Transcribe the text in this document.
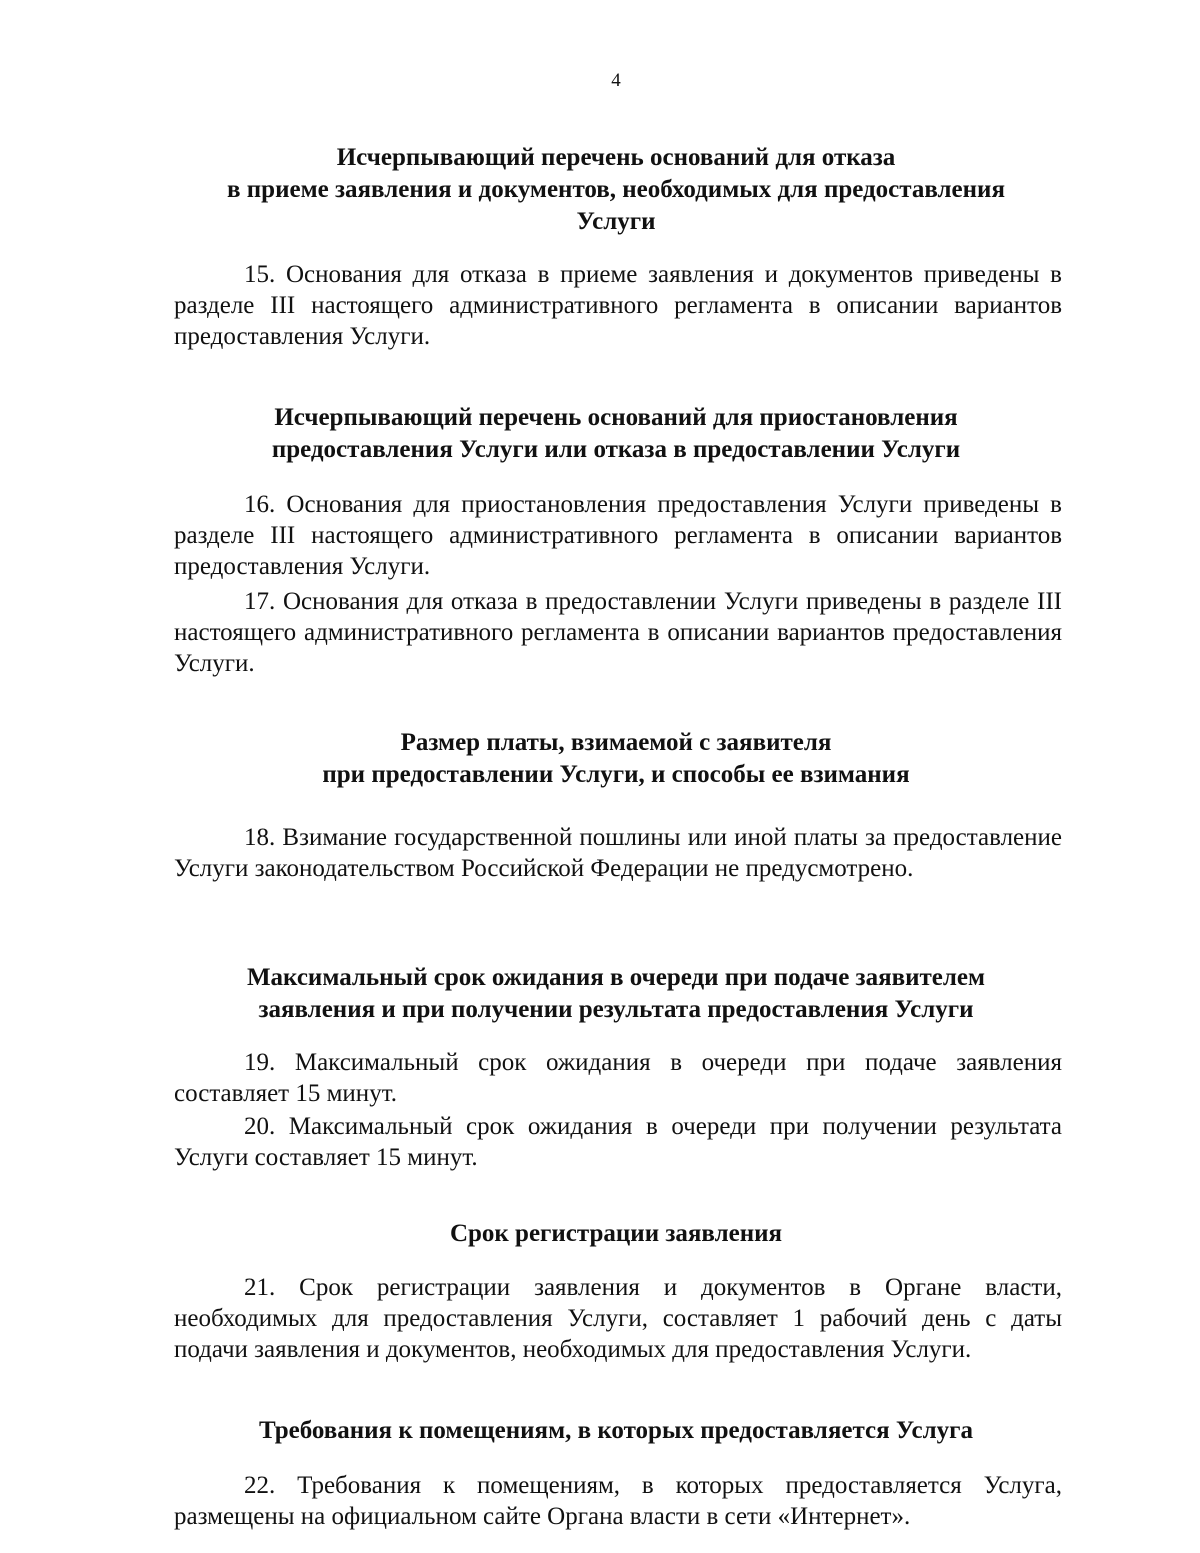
4
Исчерпывающий перечень оснований для отказа
в приеме заявления и документов, необходимых для предоставления
Услуги

15. Основания для отказа в приеме заявления и документов приведены в разделе III настоящего административного регламента в описании вариантов предоставления Услуги.

Исчерпывающий перечень оснований для приостановления
предоставления Услуги или отказа в предоставлении Услуги

16. Основания для приостановления предоставления Услуги приведены в разделе III настоящего административного регламента в описании вариантов предоставления Услуги.

17. Основания для отказа в предоставлении Услуги приведены в разделе III настоящего административного регламента в описании вариантов предоставления Услуги.

Размер платы, взимаемой с заявителя
при предоставлении Услуги, и способы ее взимания

18. Взимание государственной пошлины или иной платы за предоставление Услуги законодательством Российской Федерации не предусмотрено.

Максимальный срок ожидания в очереди при подаче заявителем
заявления и при получении результата предоставления Услуги

19. Максимальный срок ожидания в очереди при подаче заявления составляет 15 минут.

20. Максимальный срок ожидания в очереди при получении результата Услуги составляет 15 минут.

Срок регистрации заявления

21. Срок регистрации заявления и документов в Органе власти, необходимых для предоставления Услуги, составляет 1 рабочий день с даты подачи заявления и документов, необходимых для предоставления Услуги.

Требования к помещениям, в которых предоставляется Услуга

22. Требования к помещениям, в которых предоставляется Услуга, размещены на официальном сайте Органа власти в сети «Интернет».
